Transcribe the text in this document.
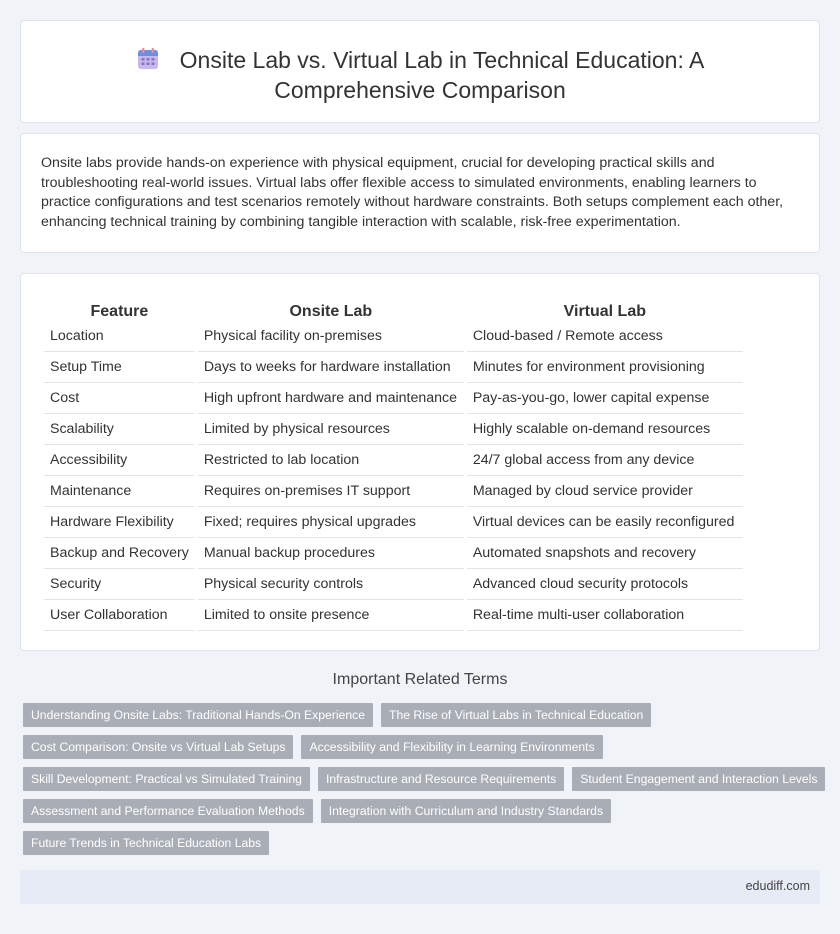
Onsite Lab vs. Virtual Lab in Technical Education: A
Comprehensive Comparison

Onsite labs provide hands-on experience with physical equipment, crucial for developing practical skills and troubleshooting real-world issues. Virtual labs offer flexible access to simulated environments, enabling learners to practice configurations and test scenarios remotely without hardware constraints. Both setups complement each other, enhancing technical training by combining tangible interaction with scalable, risk-free experimentation.

Feature		Onsite Lab		Virtual Lab
Location		Physical facility on-premises		Cloud-based / Remote access
Setup Time		Days to weeks for hardware installation		Minutes for environment provisioning
Cost		High upfront hardware and maintenance		Pay-as-you-go, lower capital expense
Scalability		Limited by physical resources		Highly scalable on-demand resources
Accessibility		Restricted to lab location		24/7 global access from any device
Maintenance		Requires on-premises IT support		Managed by cloud service provider
Hardware Flexibility		Fixed; requires physical upgrades		Virtual devices can be easily reconfigured
Backup and Recovery		Manual backup procedures		Automated snapshots and recovery
Security		Physical security controls		Advanced cloud security protocols
User Collaboration		Limited to onsite presence		Real-time multi-user collaboration
Important Related Terms
Understanding Onsite Labs: Traditional Hands-On Experience	The Rise of Virtual Labs in Technical Education
Cost Comparison: Onsite vs Virtual Lab Setups	Accessibility and Flexibility in Learning Environments
Skill Development: Practical vs Simulated Training	Infrastructure and Resource Requirements	Student Engagement and Interaction Levels
Assessment and Performance Evaluation Methods	Integration with Curriculum and Industry Standards
Future Trends in Technical Education Labs
edudiff.com
